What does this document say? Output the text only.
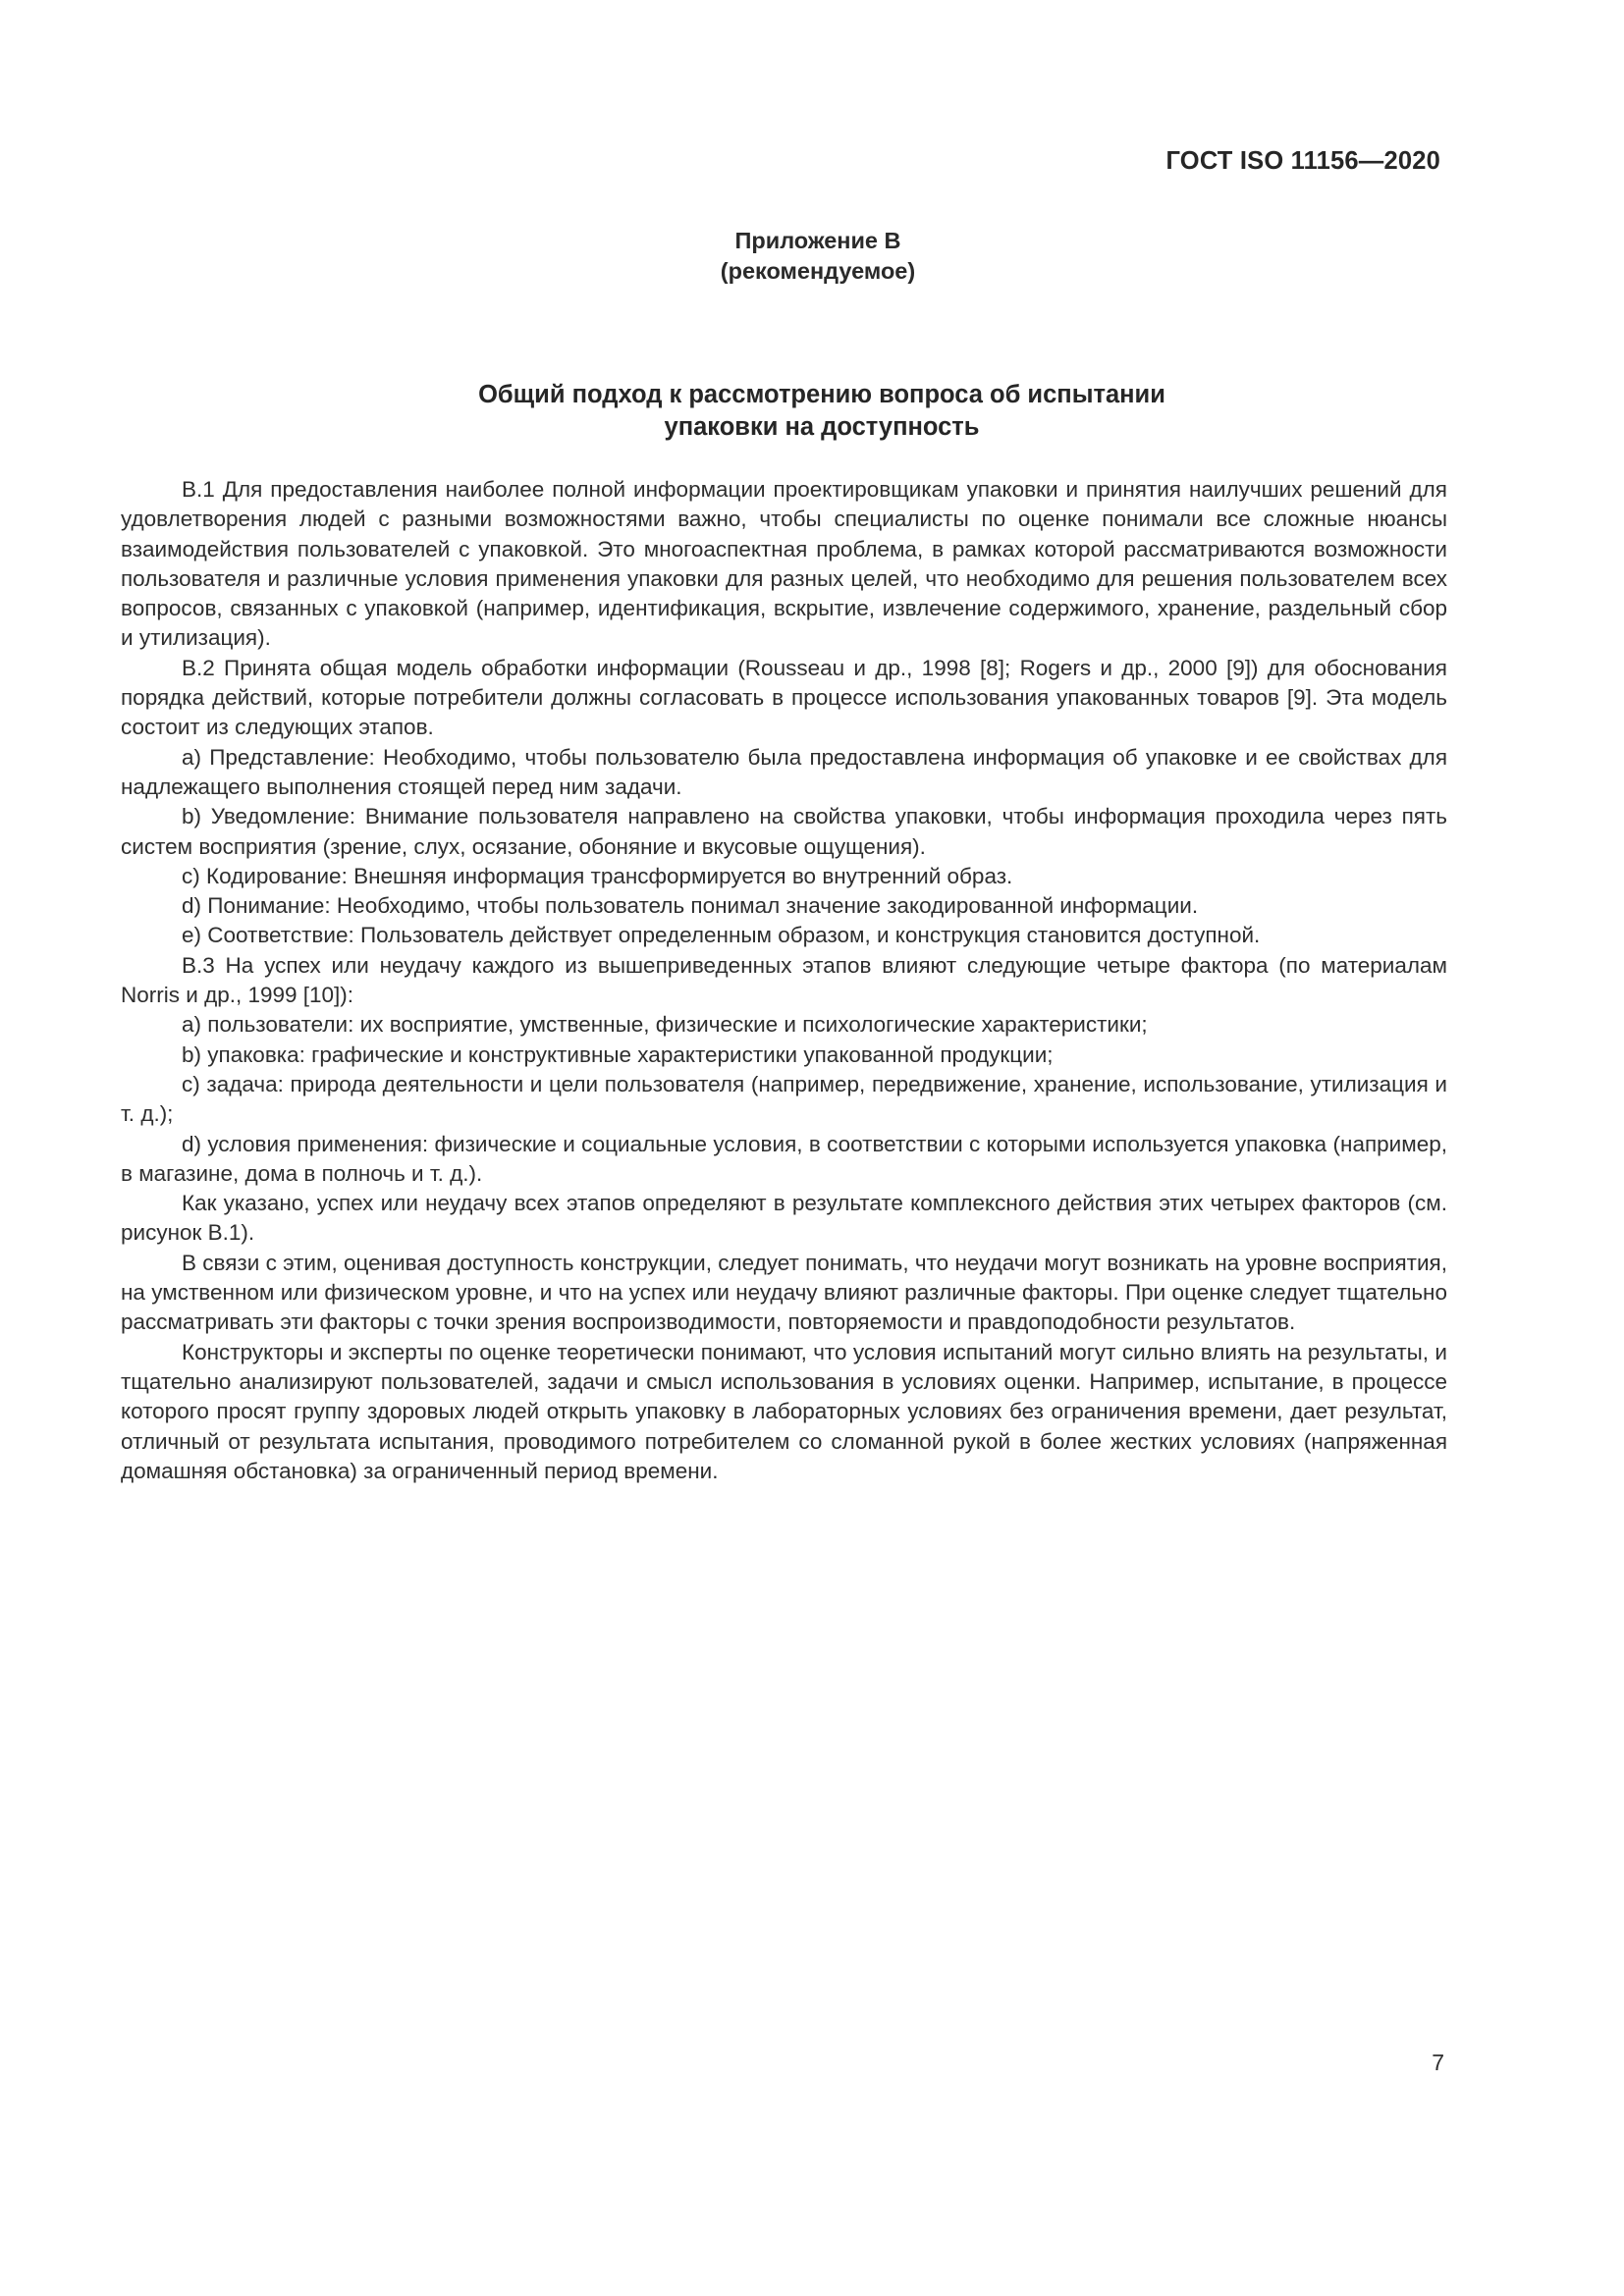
ГОСТ ISO 11156—2020
Приложение В
(рекомендуемое)
Общий подход к рассмотрению вопроса об испытании
упаковки на доступность

В.1 Для предоставления наиболее полной информации проектировщикам упаковки и принятия наилучших решений для удовлетворения людей с разными возможностями важно, чтобы специалисты по оценке понимали все сложные нюансы взаимодействия пользователей с упаковкой. Это многоаспектная проблема, в рамках которой рассматриваются возможности пользователя и различные условия применения упаковки для разных целей, что необходимо для решения пользователем всех вопросов, связанных с упаковкой (например, идентификация, вскрытие, извлечение содержимого, хранение, раздельный сбор и утилизация).

В.2 Принята общая модель обработки информации (Rousseau и др., 1998 [8]; Rogers и др., 2000 [9]) для обоснования порядка действий, которые потребители должны согласовать в процессе использования упакованных товаров [9]. Эта модель состоит из следующих этапов.

a) Представление: Необходимо, чтобы пользователю была предоставлена информация об упаковке и ее свойствах для надлежащего выполнения стоящей перед ним задачи.

b) Уведомление: Внимание пользователя направлено на свойства упаковки, чтобы информация проходила через пять систем восприятия (зрение, слух, осязание, обоняние и вкусовые ощущения).

c) Кодирование: Внешняя информация трансформируется во внутренний образ.

d) Понимание: Необходимо, чтобы пользователь понимал значение закодированной информации.

e) Соответствие: Пользователь действует определенным образом, и конструкция становится доступной.

В.3 На успех или неудачу каждого из вышеприведенных этапов влияют следующие четыре фактора (по материалам Norris и др., 1999 [10]):

a) пользователи: их восприятие, умственные, физические и психологические характеристики;

b) упаковка: графические и конструктивные характеристики упакованной продукции;

c) задача: природа деятельности и цели пользователя (например, передвижение, хранение, использование, утилизация и т. д.);

d) условия применения: физические и социальные условия, в соответствии с которыми используется упаковка (например, в магазине, дома в полночь и т. д.).

Как указано, успех или неудачу всех этапов определяют в результате комплексного действия этих четырех факторов (см. рисунок В.1).

В связи с этим, оценивая доступность конструкции, следует понимать, что неудачи могут возникать на уровне восприятия, на умственном или физическом уровне, и что на успех или неудачу влияют различные факторы. При оценке следует тщательно рассматривать эти факторы с точки зрения воспроизводимости, повторяемости и правдоподобности результатов.

Конструкторы и эксперты по оценке теоретически понимают, что условия испытаний могут сильно влиять на результаты, и тщательно анализируют пользователей, задачи и смысл использования в условиях оценки. Например, испытание, в процессе которого просят группу здоровых людей открыть упаковку в лабораторных условиях без ограничения времени, дает результат, отличный от результата испытания, проводимого потребителем со сломанной рукой в более жестких условиях (напряженная домашняя обстановка) за ограниченный период времени.

7
